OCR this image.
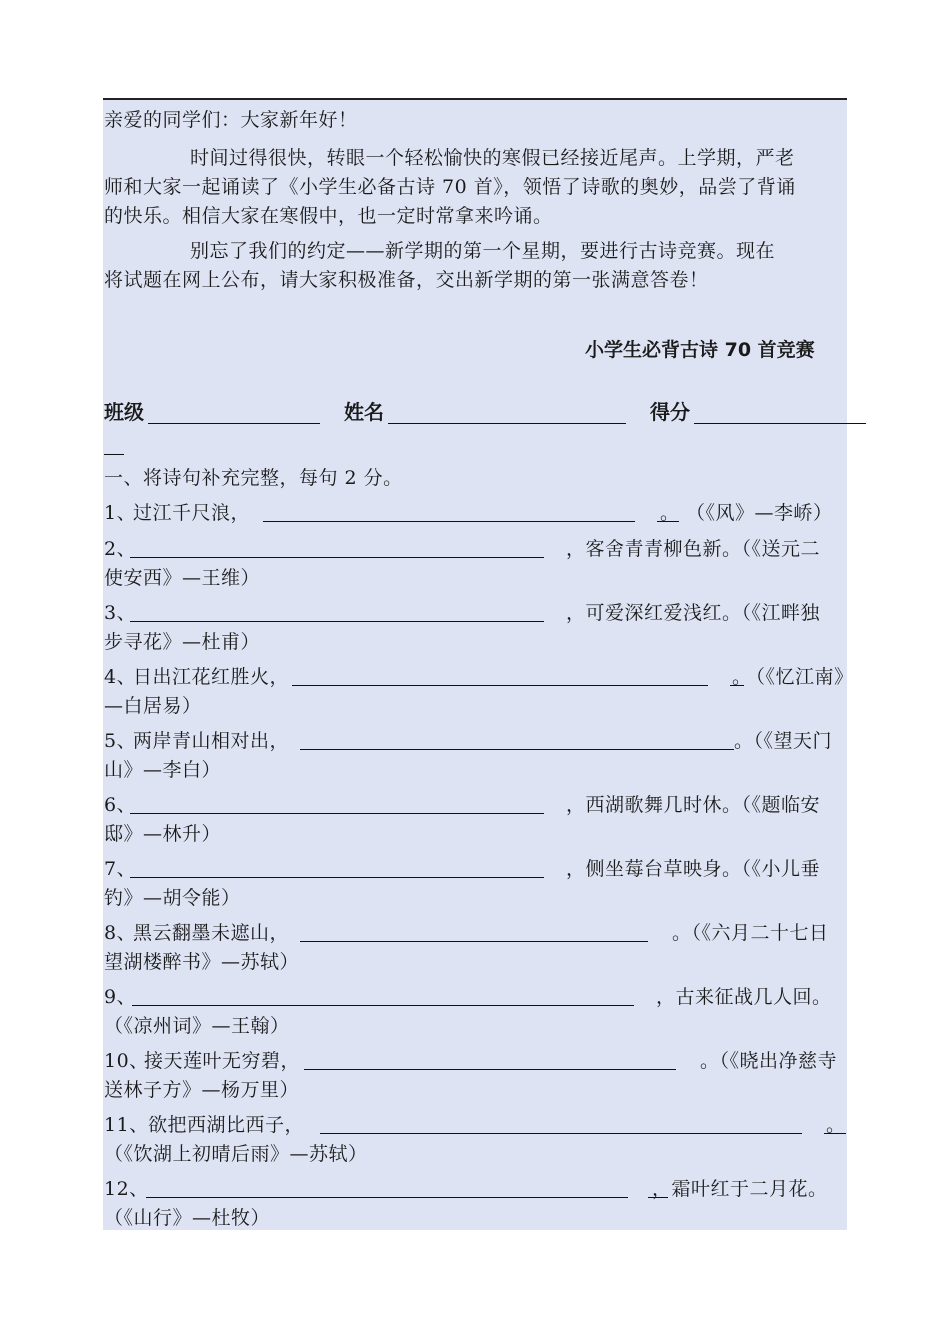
亲爱的同学们：大家新年好！
时间过得很快，转眼一个轻松愉快的寒假已经接近尾声。上学期，严老
师和大家一起诵读了《小学生必备古诗 70 首》，领悟了诗歌的奥妙，品尝了背诵
的快乐。相信大家在寒假中，也一定时常拿来吟诵。
别忘了我们的约定——新学期的第一个星期，要进行古诗竞赛。现在
将试题在网上公布，请大家积极准备，交出新学期的第一张满意答卷！
小学生必背古诗 70 首竞赛
班级	姓名	得分
一、将诗句补充完整，每句 2 分。
1、
过江千尺浪，	。 （《风》—李峤）
2、	，客舍青青柳色新。（《送元二
使安西》—王维）
3、	，可爱深红爱浅红。（《江畔独
步寻花》—杜甫）
4、
日出江花红胜火，	。
（《忆江南》
—白居易）
5、
两岸青山相对出，	。（《望天门
山》—李白）
6、	，西湖歌舞几时休。（《题临安
邸》—林升）
7、	，侧坐莓台草映身。（《小儿垂
钓》—胡令能）
8、
黑云翻墨未遮山，	。（《六月二十七日
望湖楼醉书》—苏轼）
9、	，古来征战几人回。
（《凉州词》—王翰）
10、
接天莲叶无穷碧，	。（《晓出净慈寺
送林子方》—杨万里）
11、 欲把西湖比西子，	。
（《饮湖上初晴后雨》—苏轼）
12、	，霜叶红于二月花。
（《山行》—杜牧）
